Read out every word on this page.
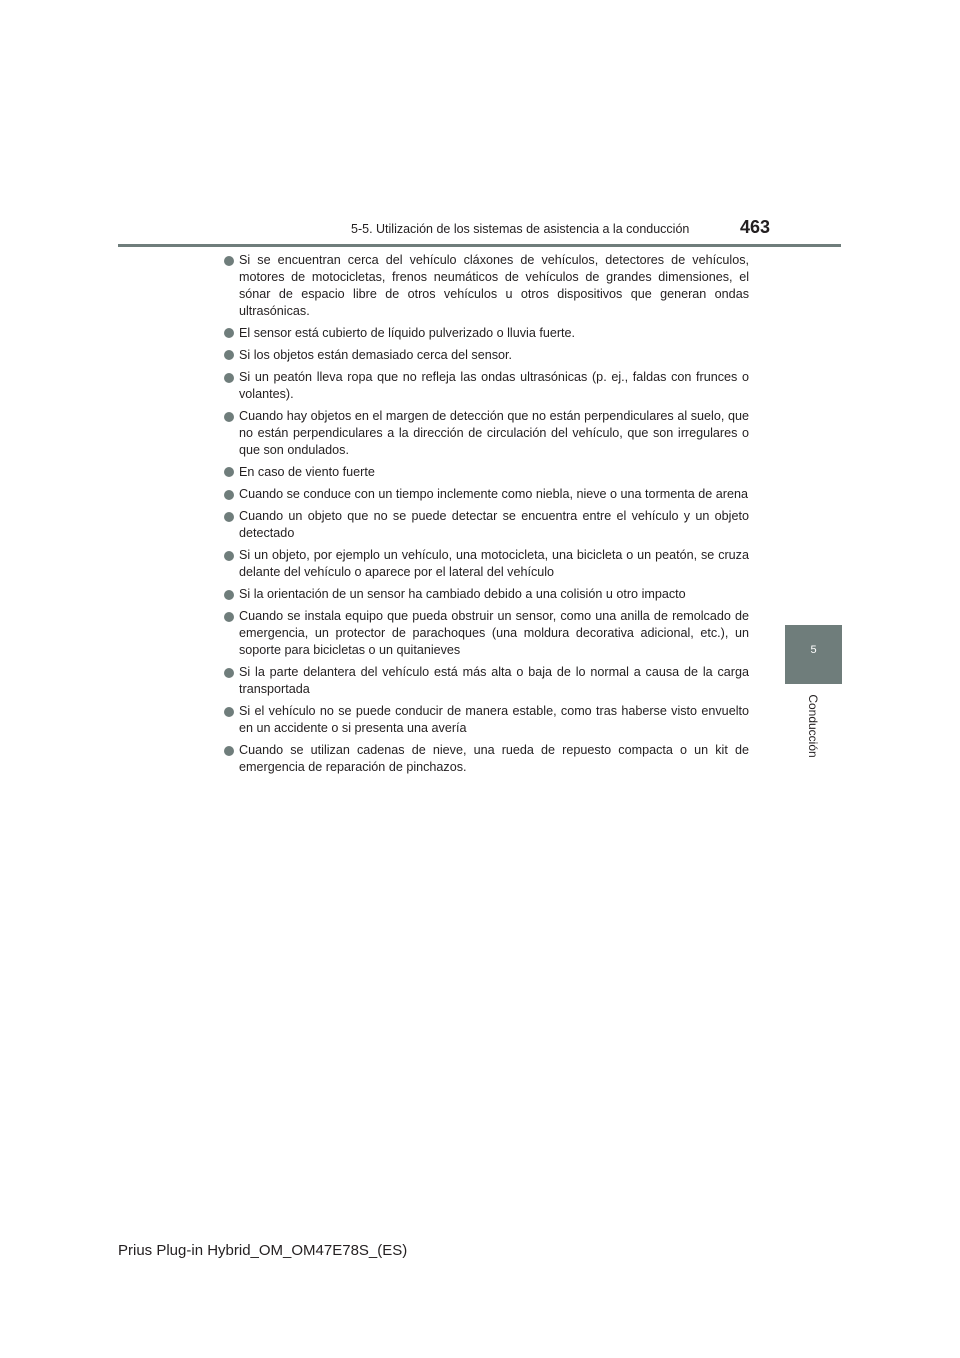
5-5. Utilización de los sistemas de asistencia a la conducción	463
5
Conducción
Si se encuentran cerca del vehículo cláxones de vehículos, detectores de vehículos, motores de motocicletas, frenos neumáticos de vehículos de grandes dimensiones, el sónar de espacio libre de otros vehículos u otros dispositivos que generan ondas ultrasónicas.
El sensor está cubierto de líquido pulverizado o lluvia fuerte.
Si los objetos están demasiado cerca del sensor.
Si un peatón lleva ropa que no refleja las ondas ultrasónicas (p. ej., faldas con frunces o volantes).
Cuando hay objetos en el margen de detección que no están perpendiculares al suelo, que no están perpendiculares a la dirección de circulación del vehículo, que son irregulares o que son ondulados.
En caso de viento fuerte
Cuando se conduce con un tiempo inclemente como niebla, nieve o una tormenta de arena
Cuando un objeto que no se puede detectar se encuentra entre el vehículo y un objeto detectado
Si un objeto, por ejemplo un vehículo, una motocicleta, una bicicleta o un peatón, se cruza delante del vehículo o aparece por el lateral del vehículo
Si la orientación de un sensor ha cambiado debido a una colisión u otro impacto
Cuando se instala equipo que pueda obstruir un sensor, como una anilla de remolcado de emergencia, un protector de parachoques (una moldura decorativa adicional, etc.), un soporte para bicicletas o un quitanieves
Si la parte delantera del vehículo está más alta o baja de lo normal a causa de la carga transportada
Si el vehículo no se puede conducir de manera estable, como tras haberse visto envuelto en un accidente o si presenta una avería
Cuando se utilizan cadenas de nieve, una rueda de repuesto compacta o un kit de emergencia de reparación de pinchazos.
Prius Plug-in Hybrid_OM_OM47E78S_(ES)
